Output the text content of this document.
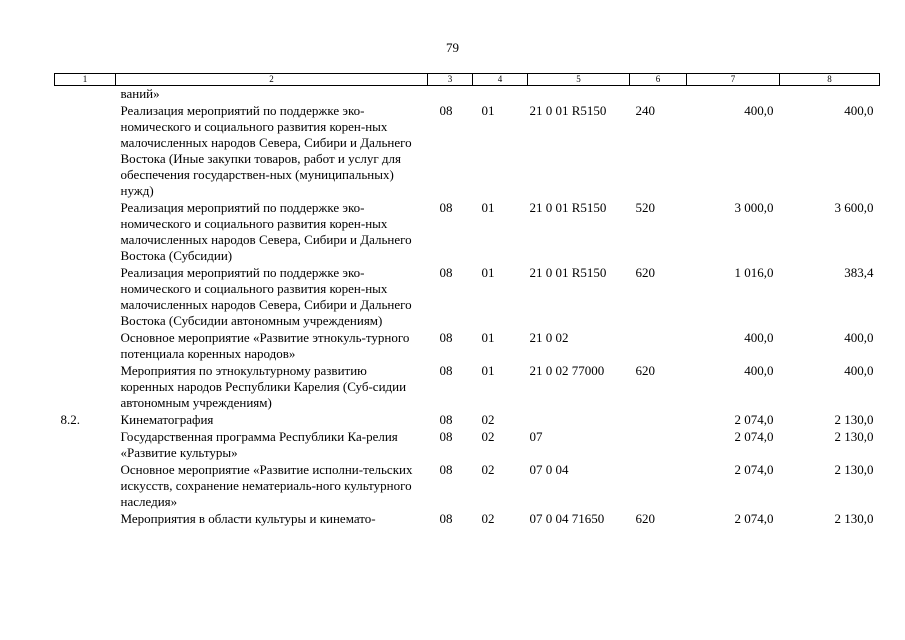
79
1	2	3	4	5	6	7	8
	ваний»						
	Реализация мероприятий по поддержке эко-номического и социального развития корен-ных малочисленных народов Севера, Сибири и Дальнего Востока (Иные закупки товаров, работ и услуг для обеспечения государствен-ных (муниципальных) нужд)	08	01	21 0 01 R5150	240	400,0	400,0
	Реализация мероприятий по поддержке эко-номического и социального развития корен-ных малочисленных народов Севера, Сибири и Дальнего Востока (Субсидии)	08	01	21 0 01 R5150	520	3 000,0	3 600,0
	Реализация мероприятий по поддержке эко-номического и социального развития корен-ных малочисленных народов Севера, Сибири и Дальнего Востока (Субсидии автономным учреждениям)	08	01	21 0 01 R5150	620	1 016,0	383,4
	Основное мероприятие «Развитие этнокуль-турного потенциала коренных народов»	08	01	21 0 02		400,0	400,0
	Мероприятия по этнокультурному развитию коренных народов Республики Карелия (Суб-сидии автономным учреждениям)	08	01	21 0 02 77000	620	400,0	400,0
8.2.	Кинематография	08	02			2 074,0	2 130,0
	Государственная программа Республики Ка-релия «Развитие культуры»	08	02	07		2 074,0	2 130,0
	Основное мероприятие «Развитие исполни-тельских искусств, сохранение нематериаль-ного культурного наследия»	08	02	07 0 04		2 074,0	2 130,0
	Мероприятия в области культуры и кинемато-	08	02	07 0 04 71650	620	2 074,0	2 130,0
